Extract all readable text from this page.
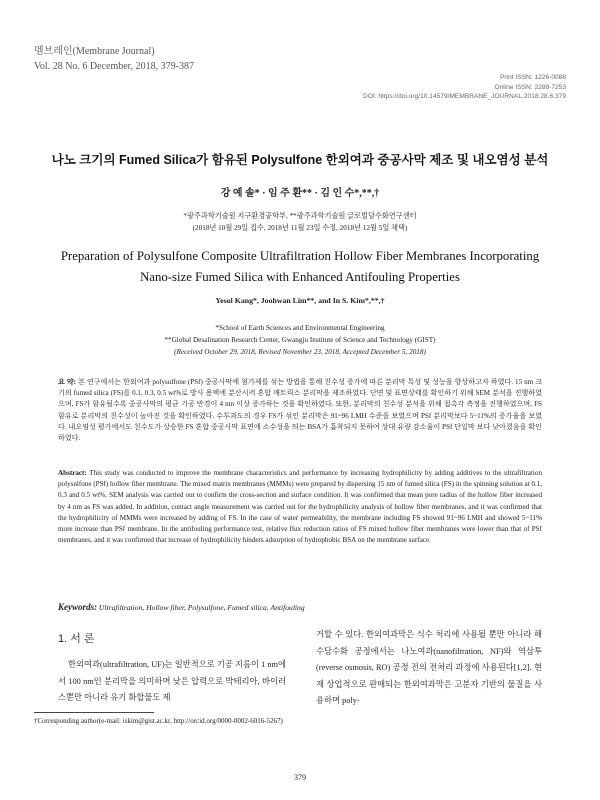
멤브레인(Membrane Journal)
Vol. 28 No. 6 December, 2018, 379-387
Print ISSN: 1226-0088
Online ISSN: 2288-7253
DOI: https://doi.org/10.14579/MEMBRANE_JOURNAL.2018.28.6.379
나노 크기의 Fumed Silica가 함유된 Polysulfone 한외여과 중공사막 제조 및 내오염성 분석
강 예 솔* · 임 주 환** · 김 인 수*,**,†
*광주과학기술원 지구환경공학부, **광주과학기술원 글로벌담수화연구센터
(2018년 10월 29일 접수, 2018년 11월 23일 수정, 2018년 12월 5일 채택)
Preparation of Polysulfone Composite Ultrafiltration Hollow Fiber Membranes Incorporating
Nano-size Fumed Silica with Enhanced Antifouling Properties
Yesol Kang*, Joohwan Lim**, and In S. Kim*,**,†
*School of Earth Sciences and Environmental Engineering
**Global Desalination Research Center, Gwangju Institute of Science and Technology (GIST)
(Received October 29, 2018, Revised November 23, 2018, Accepted December 5, 2018)
요 약: 본 연구에서는 한외여과 polysulfone (PSf) 중공사막에 첨가제를 섞는 방법을 통해 친수성 증가에 따른 분리막 특성 및 성능을 향상하고자 하였다. 15 nm 크기의 fumed silica (FS)를 0.1, 0.3, 0.5 wt%로 방사 용액에 분산시켜 혼합 매트릭스 분리막을 제조하였다. 단면 및 표면상태를 확인하기 위해 SEM 분석을 진행하였으며, FS가 함유될수록 중공사막의 평균 기공 반경이 4 nm 이상 증가하는 것을 확인하였다. 또한, 분리막의 친수성 분석을 위해 접촉각 측정을 진행하였으며, FS 함유로 분리막의 친수성이 높아진 것을 확인하였다. 수투과도의 경우 FS가 섞인 분리막은 91~96 LMH 수준을 보였으며 PSf 분리막보다 5~11%의 증가율을 보였다. 내오염성 평가에서도 친수도가 상승한 FS 혼합 중공사막 표면에 소수성을 띄는 BSA가 흡착되지 못하여 상대 유량 감소율이 PSf 단일막 보다 낮아졌음을 확인하였다.
Abstract: This study was conducted to improve the membrane characteristics and performance by increasing hydrophilicity by adding additives to the ultrafiltration polysulfone (PSf) hollow fiber membrane. The mixed matrix membranes (MMMs) were prepared by dispersing 15 nm of fumed silica (FS) in the spinning solution at 0.1, 0.3 and 0.5 wt%. SEM analysis was carried out to confirm the cross-section and surface condition. It was confirmed that mean pore radius of the hollow fiber increased by 4 nm as FS was added. In addition, contact angle measurement was carried out for the hydrophilicity analysis of hollow fiber membranes, and it was confirmed that the hydrophilicity of MMMs were increased by adding of FS. In the case of water permeability, the membrane including FS showed 91~96 LMH and showed 5~11% more increase than PSf membrane. In the antifouling performance test, relative flux reduction ratios of FS mixed hollow fiber membranes were lower than that of PSf membranes, and it was confirmed that increase of hydrophilicity hinders adsorption of hydrophobic BSA on the membrane surface.
Keywords: Ultrafiltration, Hollow fiber, Polysulfone, Fumed silica, Antifouling
1. 서 론
한외여과(ultrafiltration, UF)는 일반적으로 기공 지름이 1 nm에서 100 nm인 분리막을 의미하며 낮은 압력으로 박테리아, 바이러스뿐만 아니라 유기 화합물도 제
거할 수 있다. 한외여과막은 식수 처리에 사용될 뿐만 아니라 해수담수화 공정에서는 나노여과(nanofiltration, NF)와 역삼투(reverse osmosis, RO) 공정 전의 전처리 과정에 사용된다[1,2]. 현재 상업적으로 판매되는 한외여과막은 고분자 기반의 물질을 사용하며 poly-
†Corresponding author(e-mail: iskim@gist.ac.kr, http://orcid.org/0000-0002-6016-5267)
379
